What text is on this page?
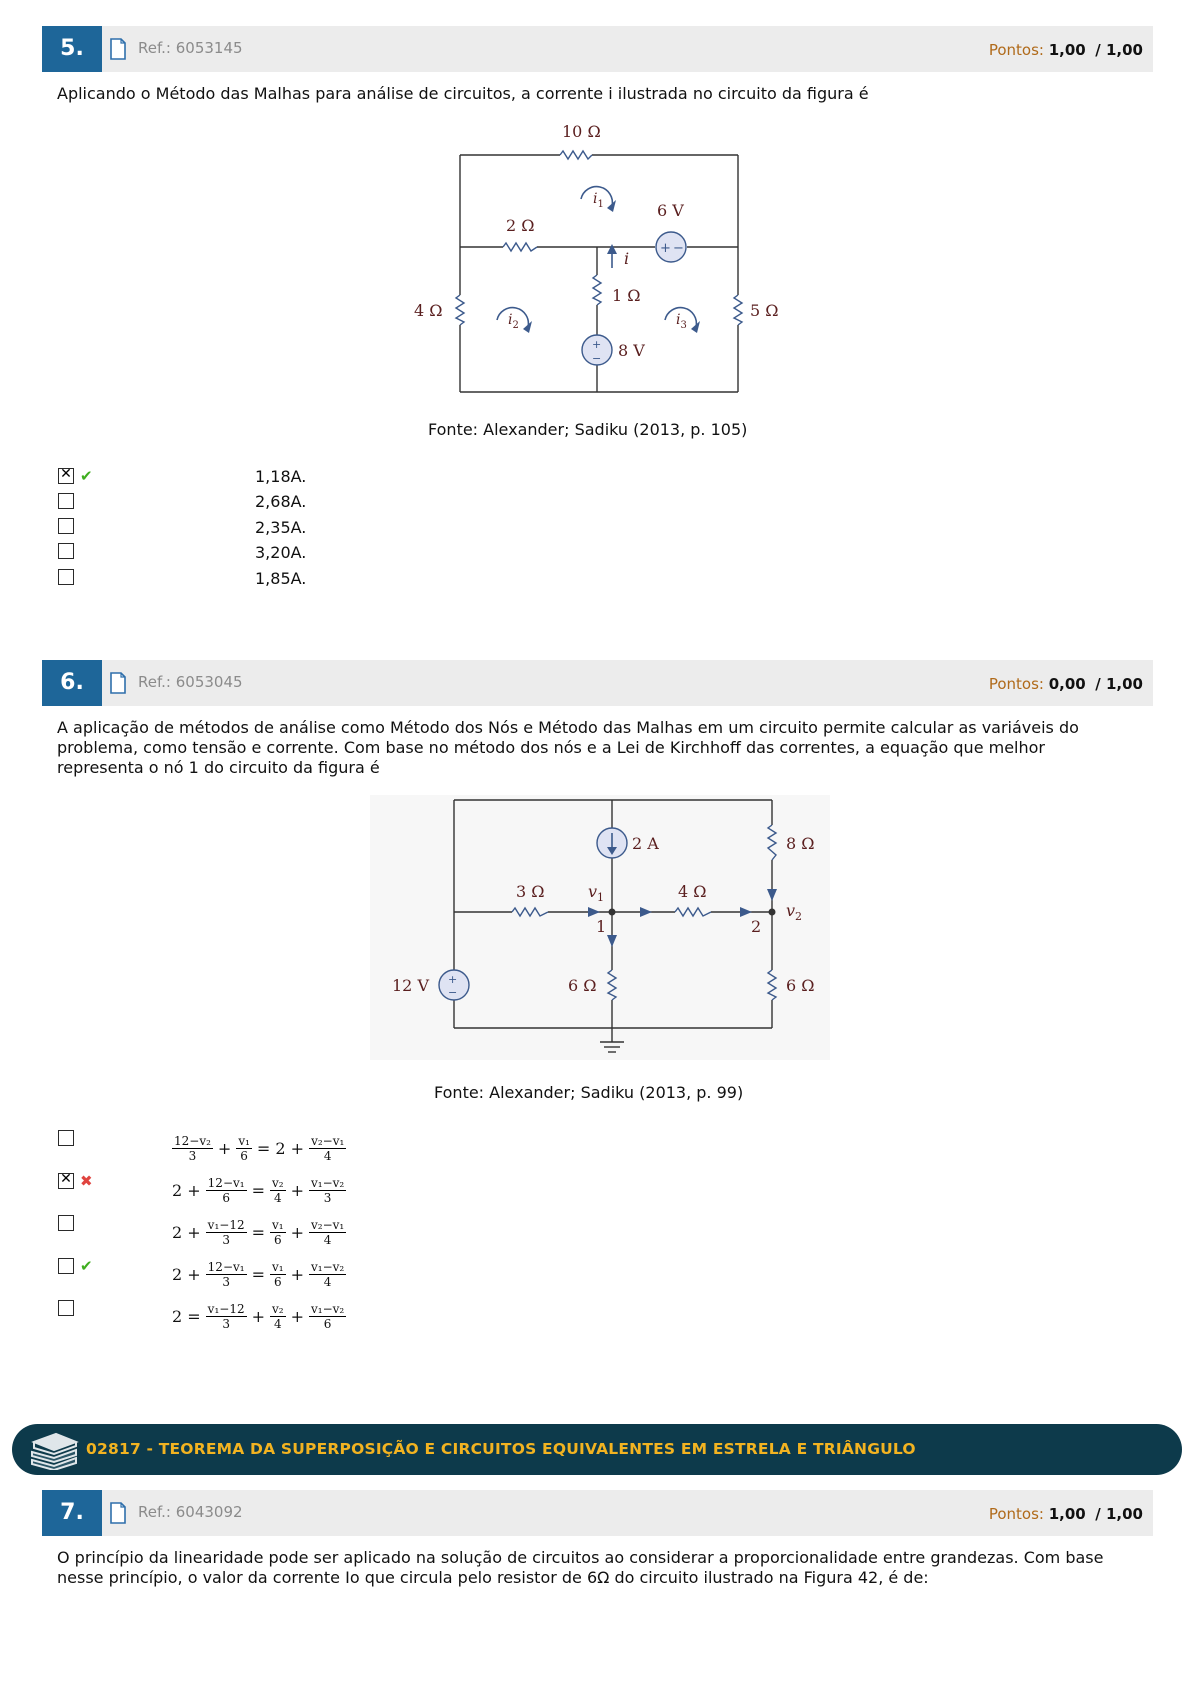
5.	Ref.: 6053145	Pontos: 1,00 / 1,00
Aplicando o Método das Malhas para análise de circuitos, a corrente i ilustrada no circuito da figura é
+ −
+
−
10 Ω
2 Ω
6 V
4 Ω
1 Ω
5 Ω
8 V
i
$i_1$
$i_2$	$i_3$
Fonte: Alexander; Sadiku (2013, p. 105)
✕
✔	1,18A.
2,68A.
2,35A.
3,20A.
1,85A.
6.	Ref.: 6053045	Pontos: 0,00 / 1,00
A aplicação de métodos de análise como Método dos Nós e Método das Malhas em um circuito permite calcular as variáveis do problema, como tensão e corrente. Com base no método dos nós e a Lei de Kirchhoff das correntes, a equação que melhor representa o nó 1 do circuito da figura é
+
−
2 A	8 Ω
3 Ω	4 Ω
1	2
12 V	6 Ω	6 Ω
$v_1$
$v_2$
Fonte: Alexander; Sadiku (2013, p. 99)
$\frac{\text{12−v₂}}{3} + \frac{\text{v₁}}{6} = 2 + \frac{\text{v₂−v₁}}{4}$
✕
✖	$2 + \frac{\text{12−v₁}}{6} = \frac{\text{v₂}}{4} + \frac{\text{v₁−v₂}}{3}$
$2 + \frac{\text{v₁−12}}{3} = \frac{\text{v₁}}{6} + \frac{\text{v₂−v₁}}{4}$
✔	$2 + \frac{\text{12−v₁}}{3} = \frac{\text{v₁}}{6} + \frac{\text{v₁−v₂}}{4}$
$2 = \frac{\text{v₁−12}}{3} + \frac{\text{v₂}}{4} + \frac{\text{v₁−v₂}}{6}$
02817 - TEOREMA DA SUPERPOSIÇÃO E CIRCUITOS EQUIVALENTES EM ESTRELA E TRIÂNGULO
7.	Ref.: 6043092	Pontos: 1,00 / 1,00
O princípio da linearidade pode ser aplicado na solução de circuitos ao considerar a proporcionalidade entre grandezas. Com base nesse princípio, o valor da corrente Io que circula pelo resistor de 6Ω do circuito ilustrado na Figura 42, é de:
